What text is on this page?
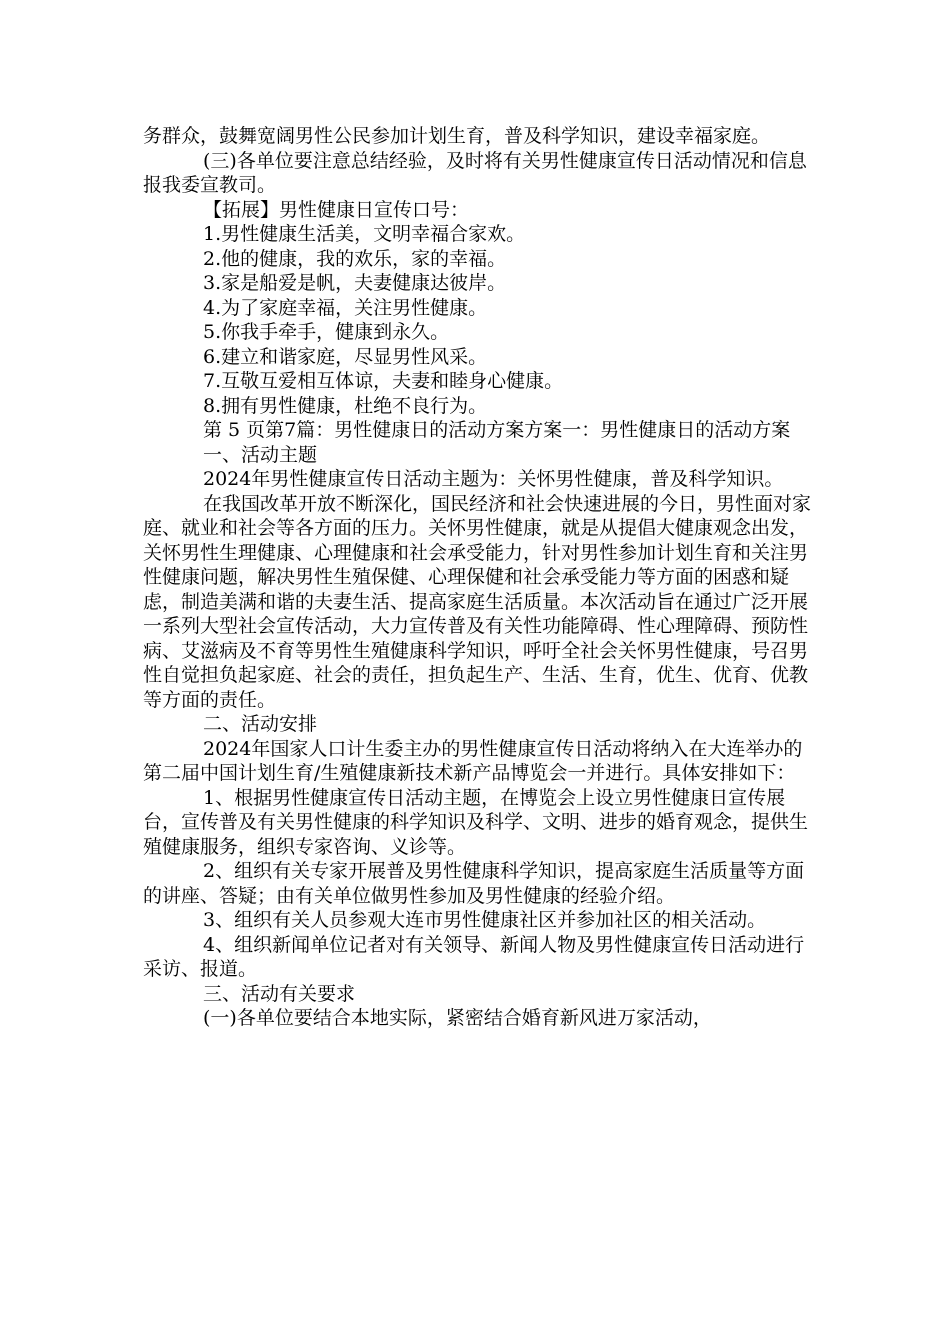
务群众，鼓舞宽阔男性公民参加计划生育，普及科学知识，建设幸福家庭。

(三)各单位要注意总结经验，及时将有关男性健康宣传日活动情况和信息报我委宣教司。

【拓展】男性健康日宣传口号：

1.男性健康生活美，文明幸福合家欢。

2.他的健康，我的欢乐，家的幸福。

3.家是船爱是帆，夫妻健康达彼岸。

4.为了家庭幸福，关注男性健康。

5.你我手牵手，健康到永久。

6.建立和谐家庭，尽显男性风采。

7.互敬互爱相互体谅，夫妻和睦身心健康。

8.拥有男性健康，杜绝不良行为。

第 5 页第7篇：男性健康日的活动方案方案一：男性健康日的活动方案

一、活动主题

2024年男性健康宣传日活动主题为：关怀男性健康，普及科学知识。

在我国改革开放不断深化，国民经济和社会快速进展的今日，男性面对家庭、就业和社会等各方面的压力。关怀男性健康，就是从提倡大健康观念出发，关怀男性生理健康、心理健康和社会承受能力，针对男性参加计划生育和关注男性健康问题，解决男性生殖保健、心理保健和社会承受能力等方面的困惑和疑虑，制造美满和谐的夫妻生活、提高家庭生活质量。本次活动旨在通过广泛开展一系列大型社会宣传活动，大力宣传普及有关性功能障碍、性心理障碍、预防性病、艾滋病及不育等男性生殖健康科学知识，呼吁全社会关怀男性健康，号召男性自觉担负起家庭、社会的责任，担负起生产、生活、生育，优生、优育、优教等方面的责任。

二、活动安排

2024年国家人口计生委主办的男性健康宣传日活动将纳入在大连举办的第二届中国计划生育/生殖健康新技术新产品博览会一并进行。具体安排如下：

1、根据男性健康宣传日活动主题，在博览会上设立男性健康日宣传展台，宣传普及有关男性健康的科学知识及科学、文明、进步的婚育观念，提供生殖健康服务，组织专家咨询、义诊等。

2、组织有关专家开展普及男性健康科学知识，提高家庭生活质量等方面的讲座、答疑；由有关单位做男性参加及男性健康的经验介绍。

3、组织有关人员参观大连市男性健康社区并参加社区的相关活动。

4、组织新闻单位记者对有关领导、新闻人物及男性健康宣传日活动进行采访、报道。

三、活动有关要求

(一)各单位要结合本地实际，紧密结合婚育新风进万家活动，
